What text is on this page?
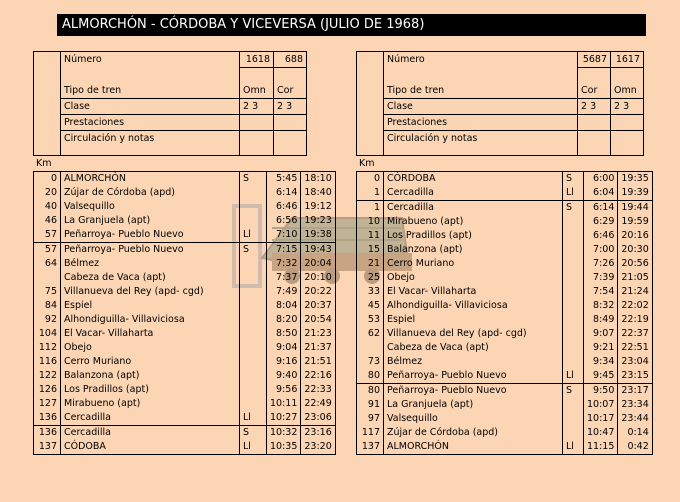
ALMORCHÓN - CÓRDOBA Y VICEVERSA (JULIO DE 1968)
	Número	1618	688

	Tipo de tren	Omn	Cor
	Clase	2 3	2 3
	Prestaciones		
	Circulación y notas		
	Número	5687	1617

	Tipo de tren	Cor	Omn
	Clase	2 3	2 3
	Prestaciones		
	Circulación y notas		
Km	Km
0	ALMORCHÓN	S	5:45	18:10
20	Zújar de Córdoba (apd)		6:14	18:40
40	Valsequillo		6:46	19:12
46	La Granjuela (apt)		6:56	19:23
57	Peñarroya- Pueblo Nuevo	Ll	7:10	19:38
57	Peñarroya- Pueblo Nuevo	S	7:15	19:43
64	Bélmez		7:32	20:04
	Cabeza de Vaca (apt)		7:37	20:10
75	Villanueva del Rey (apd- cgd)		7:49	20:22
84	Espiel		8:04	20:37
92	Alhondiguilla- Villaviciosa		8:20	20:54
104	El Vacar- Villaharta		8:50	21:23
112	Obejo		9:04	21:37
116	Cerro Muriano		9:16	21:51
122	Balanzona (apt)		9:40	22:16
126	Los Pradillos (apt)		9:56	22:33
127	Mirabueno (apt)		10:11	22:49
136	Cercadilla	Ll	10:27	23:06
136	Cercadilla	S	10:32	23:16
137	CÓDOBA	Ll	10:35	23:20
0	CÓRDOBA	S	6:00	19:35
1	Cercadilla	Ll	6:04	19:39
1	Cercadilla	S	6:14	19:44
10	Mirabueno (apt)		6:29	19:59
11	Los Pradillos (apt)		6:46	20:16
15	Balanzona (apt)		7:00	20:30
21	Cerro Muriano		7:26	20:56
25	Obejo		7:39	21:05
33	El Vacar- Villaharta		7:54	21:24
45	Alhondiguilla- Villaviciosa		8:32	22:02
53	Espiel		8:49	22:19
62	Villanueva del Rey (apd- cgd)		9:07	22:37
	Cabeza de Vaca (apt)		9:21	22:51
73	Bélmez		9:34	23:04
80	Peñarroya- Pueblo Nuevo	Ll	9:45	23:15
80	Peñarroya- Pueblo Nuevo	S	9:50	23:17
91	La Granjuela (apt)		10:07	23:34
97	Valsequillo		10:17	23:44
117	Zújar de Córdoba (apd)		10:47	0:14
137	ALMORCHÓN	Ll	11:15	0:42
